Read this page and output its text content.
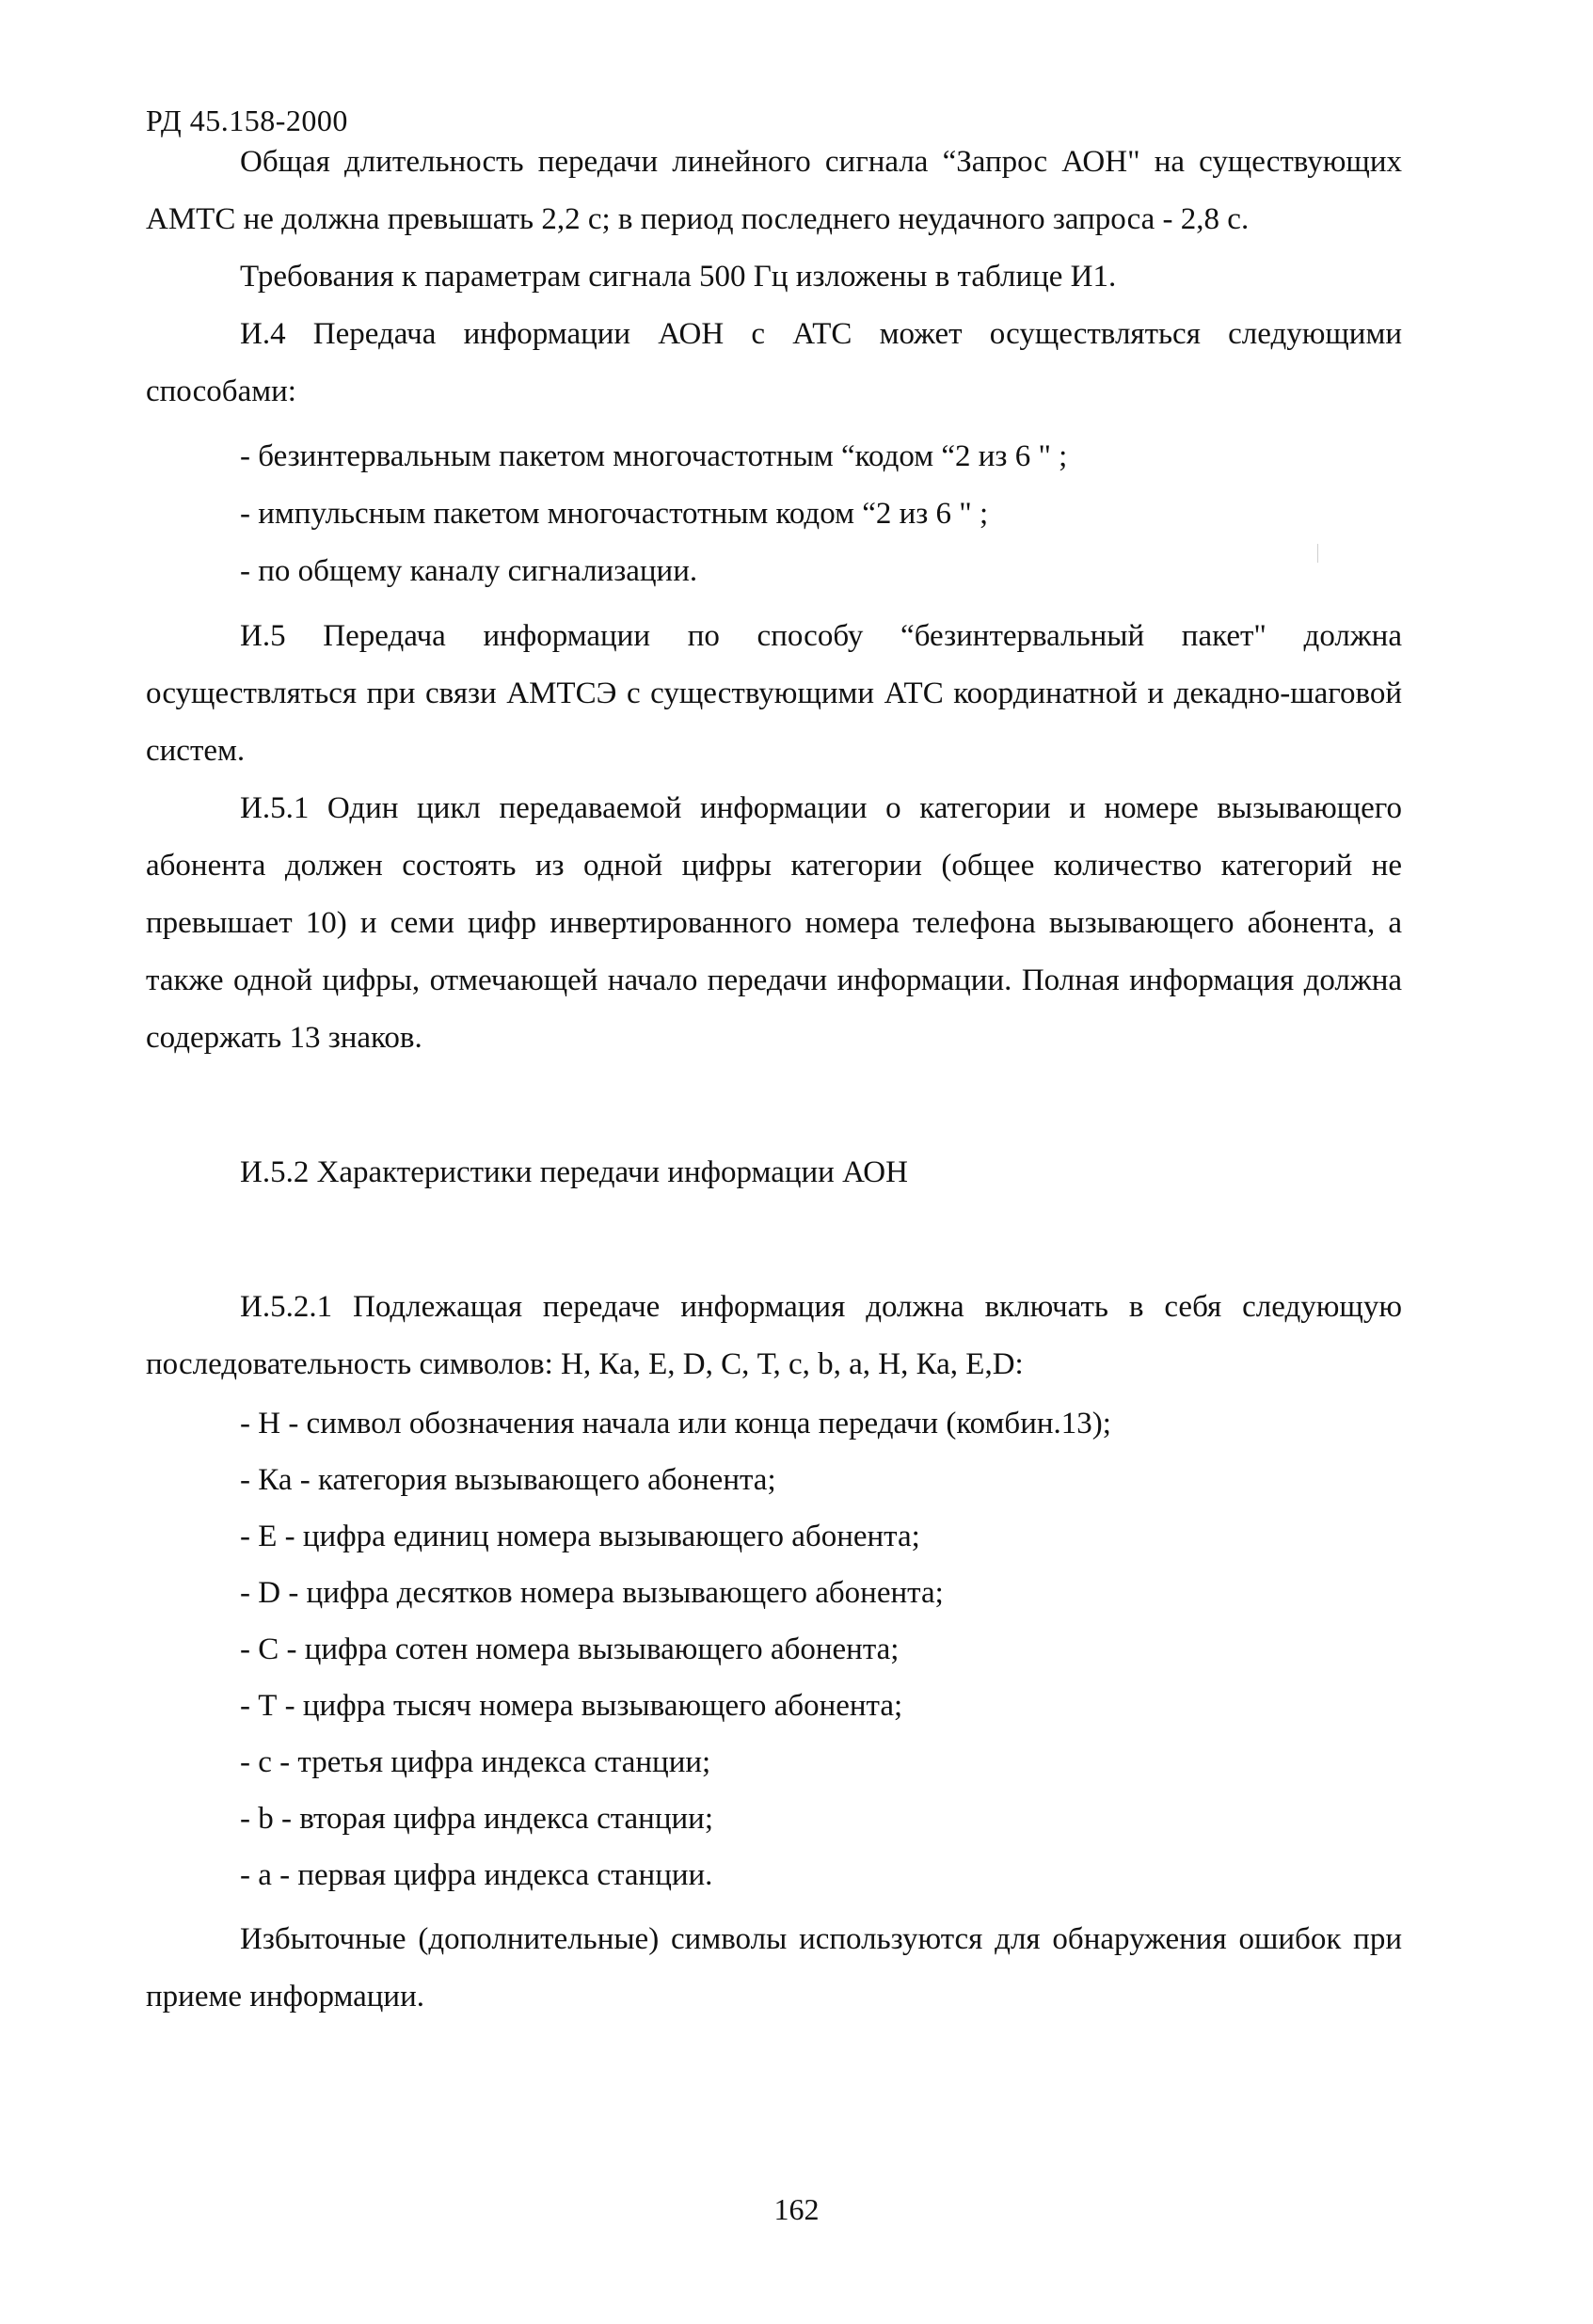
РД 45.158-2000

Общая длительность передачи линейного сигнала “Запрос АОН" на существующих АМТС не должна превышать 2,2 с; в период последнего неудачного запроса - 2,8 с.

Требования к параметрам сигнала 500 Гц изложены в таблице И1.

И.4 Передача информации АОН с АТС может осуществляться следующими способами:

- безинтервальным пакетом многочастотным “кодом “2 из 6 " ;
- импульсным пакетом многочастотным кодом “2 из 6 " ;
- по общему каналу сигнализации.

И.5 Передача информации по способу “безинтервальный пакет" должна осуществляться при связи АМТСЭ с существующими АТС координатной и декадно-шаговой систем.

И.5.1 Один цикл передаваемой информации о категории и номере вызывающего абонента должен состоять из одной цифры категории (общее количество категорий не превышает 10) и семи цифр инвертированного номера телефона вызывающего абонента, а также одной цифры, отмечающей начало передачи информации. Полная информация должна содержать 13 знаков.

И.5.2 Характеристики передачи информации АОН

И.5.2.1 Подлежащая передаче информация должна включать в себя следующую последовательность символов: Н, Ка, Е, D, С, Т, с, b, а, Н, Ка, Е,D:

- Н - символ обозначения начала или конца передачи (комбин.13);
- Ка - категория вызывающего абонента;
- Е - цифра единиц номера вызывающего абонента;
- D - цифра десятков номера вызывающего абонента;
- С - цифра сотен номера вызывающего абонента;
- Т - цифра тысяч номера вызывающего абонента;
- с - третья цифра индекса станции;
- b - вторая цифра индекса станции;
- а - первая цифра индекса станции.

Избыточные (дополнительные) символы используются для обнаружения ошибок при приеме информации.

162
